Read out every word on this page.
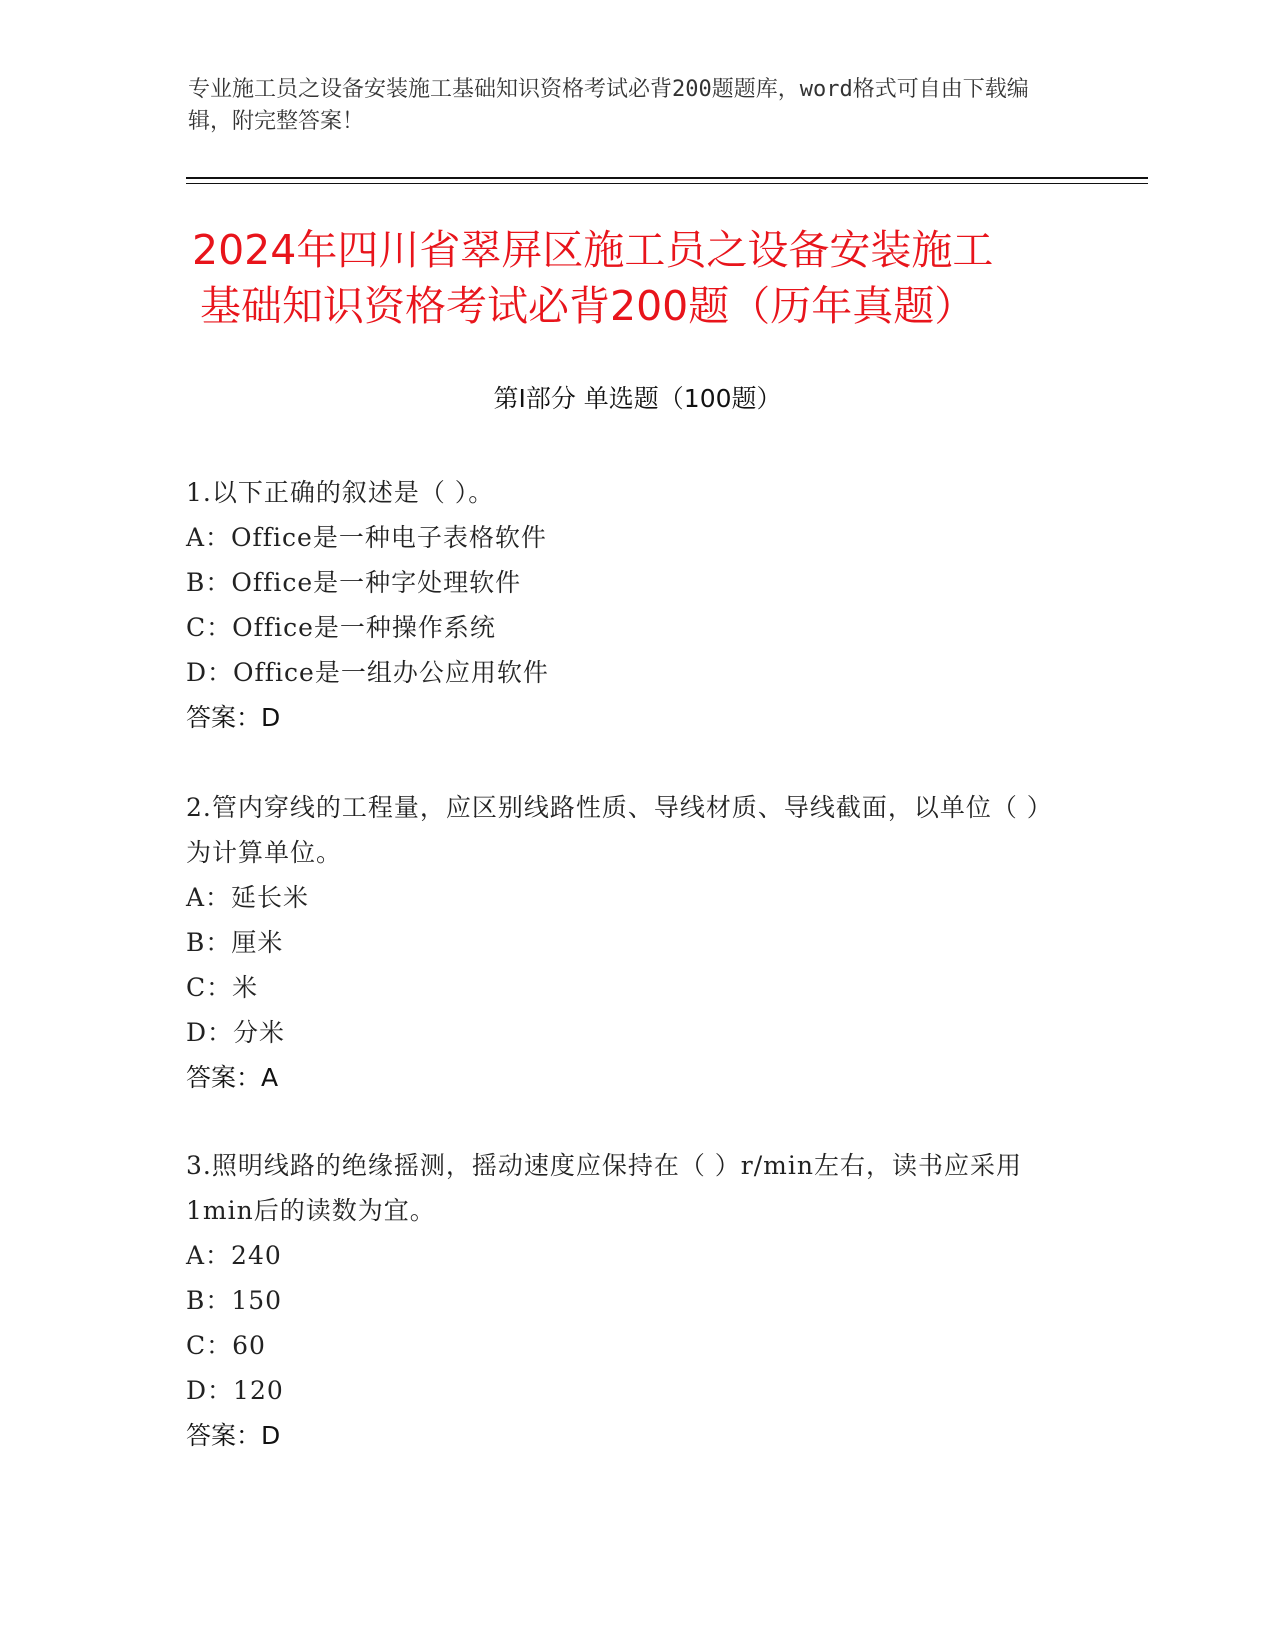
专业施工员之设备安装施工基础知识资格考试必背200题题库，word格式可自由下载编辑，附完整答案！
2024年四川省翠屏区施工员之设备安装施工
基础知识资格考试必背200题（历年真题）
第I部分 单选题（100题）
1.以下正确的叙述是（ ）。
A：Office是一种电子表格软件
B：Office是一种字处理软件
C：Office是一种操作系统
D：Office是一组办公应用软件
答案：D
2.管内穿线的工程量，应区别线路性质、导线材质、导线截面，以单位（ ）为计算单位。
A：延长米
B：厘米
C：米
D：分米
答案：A
3.照明线路的绝缘摇测，摇动速度应保持在（ ）r/min左右，读书应采用1min后的读数为宜。
A：240
B：150
C：60
D：120
答案：D
